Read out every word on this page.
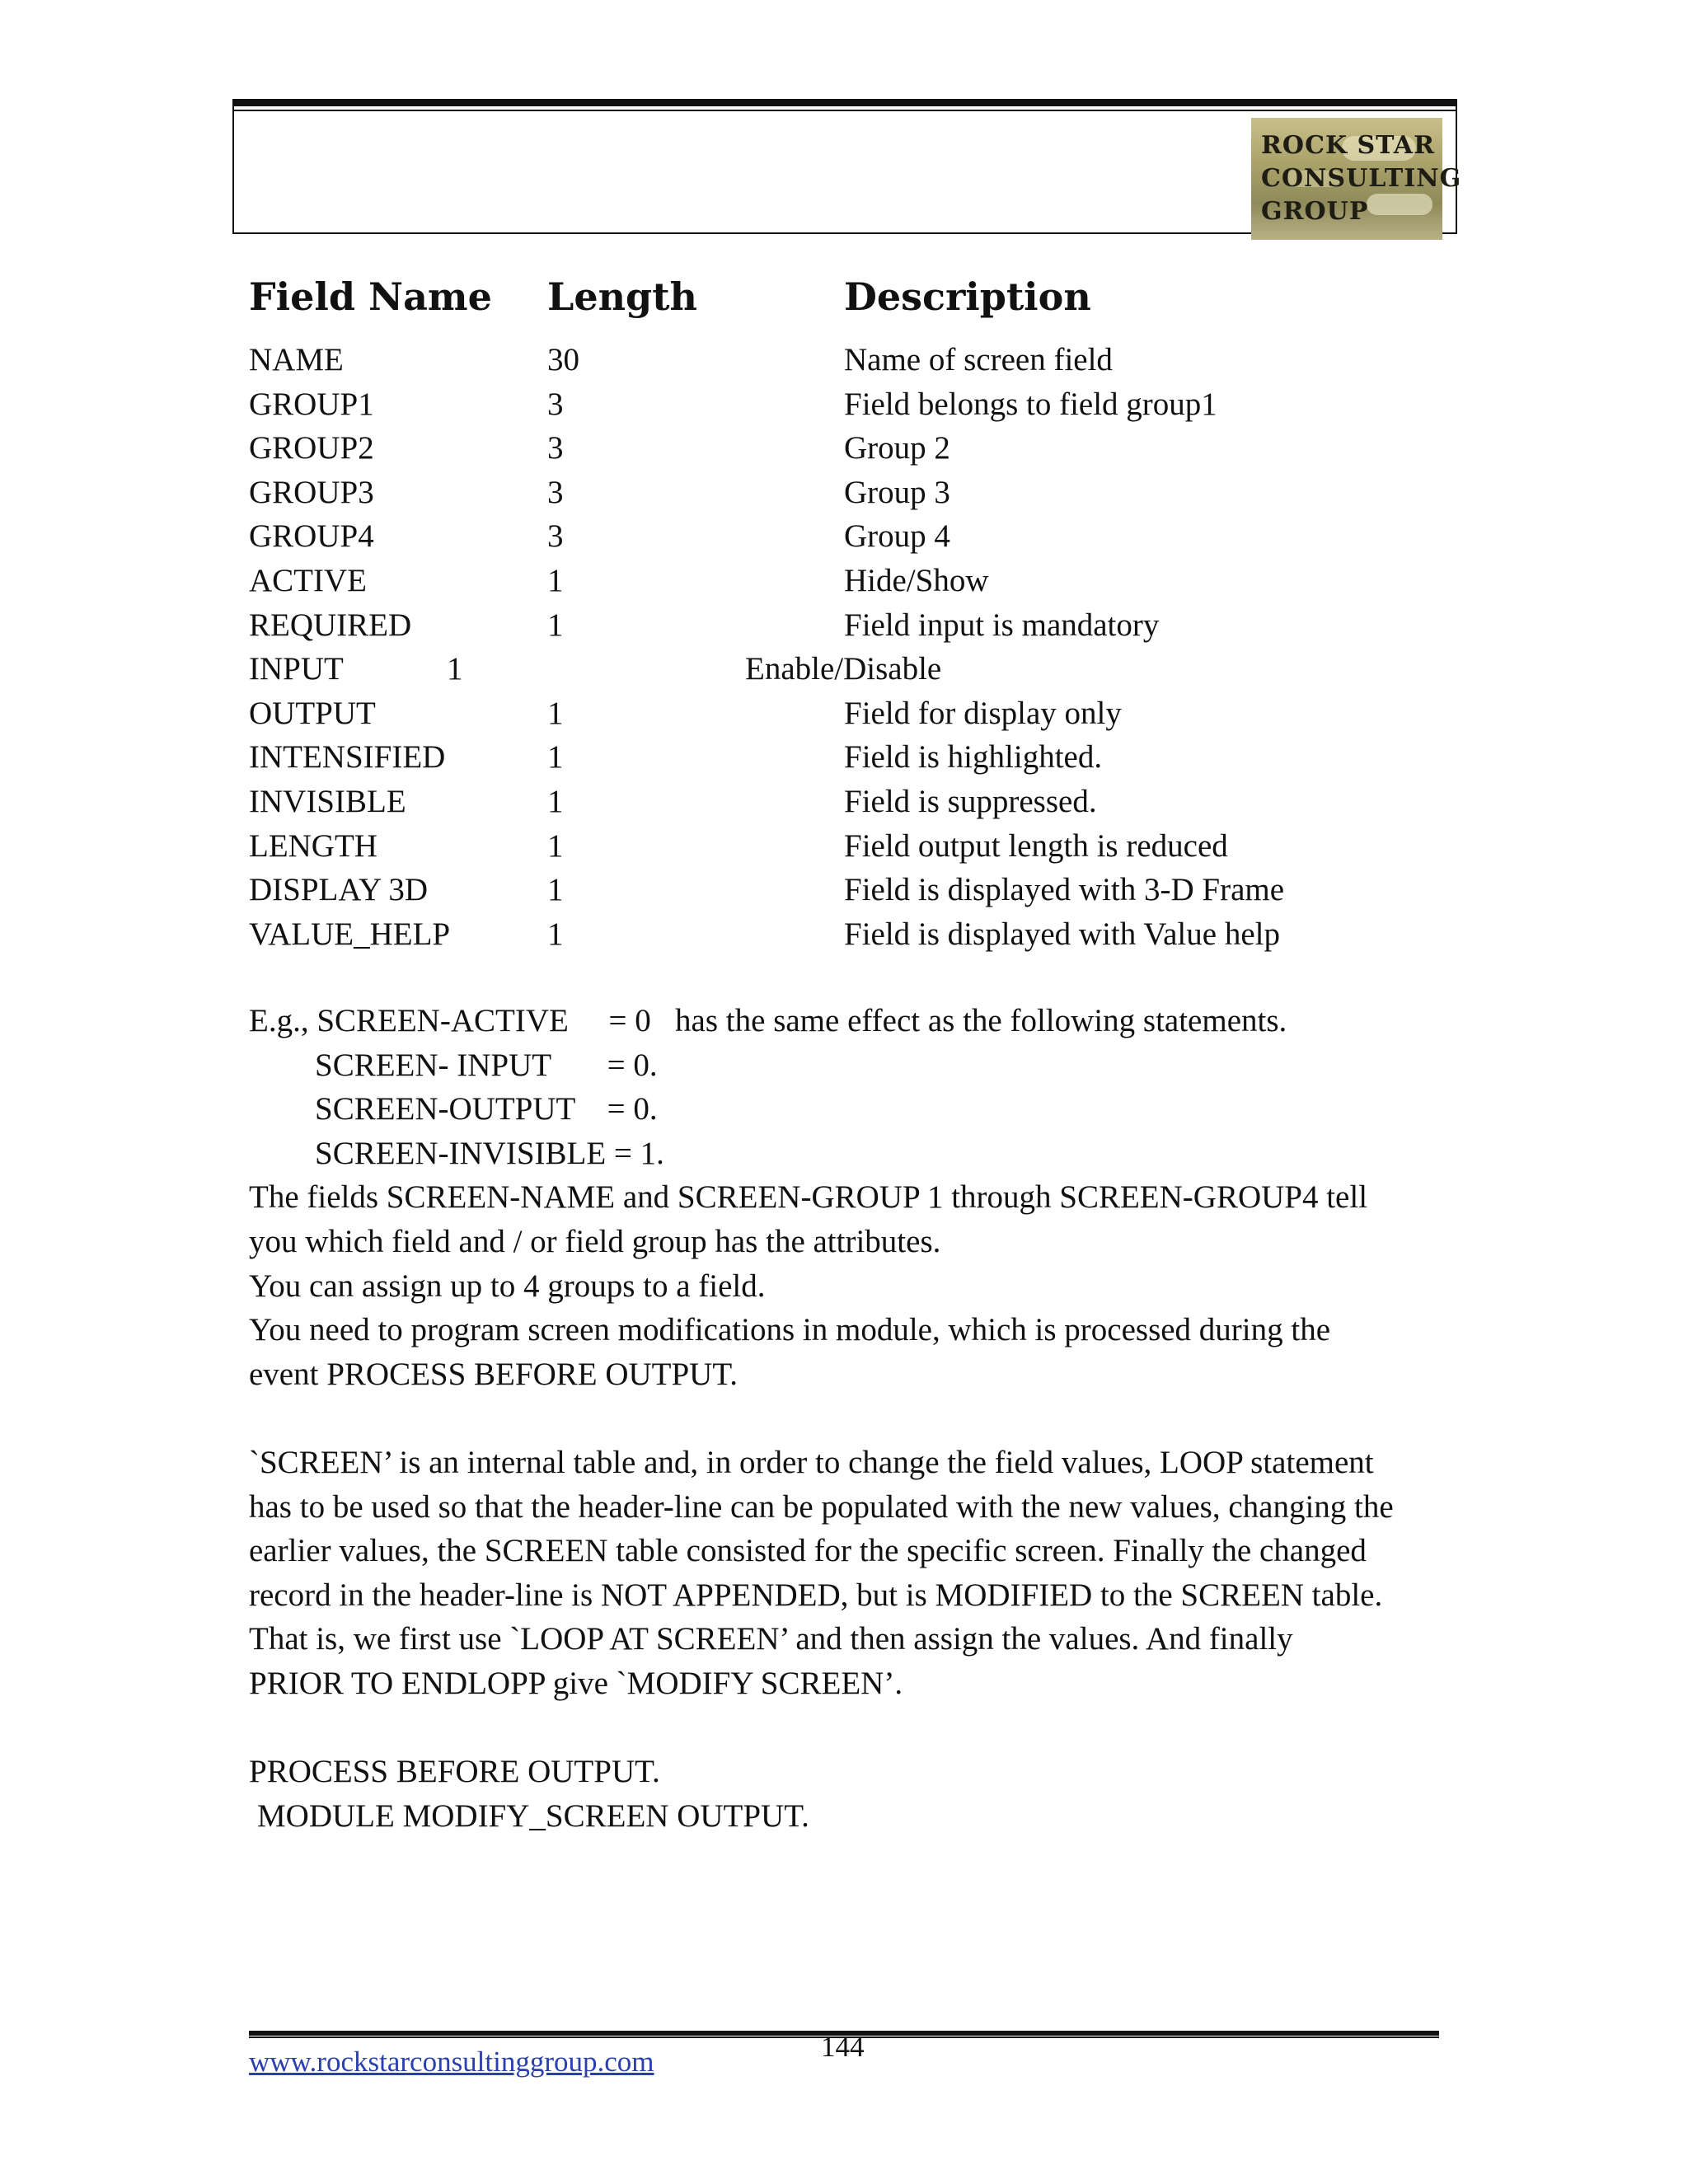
ROCK STAR
CONSULTING
GROUP
Field Name Length	Description
NAME	30	Name of screen field
GROUP1	3	Field belongs to field group1
GROUP2	3	Group 2
GROUP3	3	Group 3
GROUP4	3	Group 4
ACTIVE	1	Hide/Show
REQUIRED	1	Field input is mandatory
INPUT	1	Enable/Disable
OUTPUT	1	Field for display only
INTENSIFIED	1	Field is highlighted.
INVISIBLE	1	Field is suppressed.
LENGTH	1	Field output length is reduced
DISPLAY 3D	1	Field is displayed with 3-D Frame
VALUE_HELP	1	Field is displayed with Value help

E.g., SCREEN-ACTIVE     = 0   has the same effect as the following statements.

SCREEN- INPUT       = 0.

SCREEN-OUTPUT    = 0.

SCREEN-INVISIBLE = 1.

The fields SCREEN-NAME and SCREEN-GROUP 1 through SCREEN-GROUP4 tell

you which field and / or field group has the attributes.

You can assign up to 4 groups to a field.

You need to program screen modifications in module, which is processed during the

event PROCESS BEFORE OUTPUT.

`SCREEN’ is an internal table and, in order to change the field values, LOOP statement

has to be used so that the header-line can be populated with the new values, changing the

earlier values, the SCREEN table consisted for the specific screen. Finally the changed

record in the header-line is NOT APPENDED, but is MODIFIED to the SCREEN table.

That is, we first use `LOOP AT SCREEN’ and then assign the values. And finally

PRIOR TO ENDLOPP give `MODIFY SCREEN’.

PROCESS BEFORE OUTPUT.

MODULE MODIFY_SCREEN OUTPUT.

www.rockstarconsultinggroup.com	144
